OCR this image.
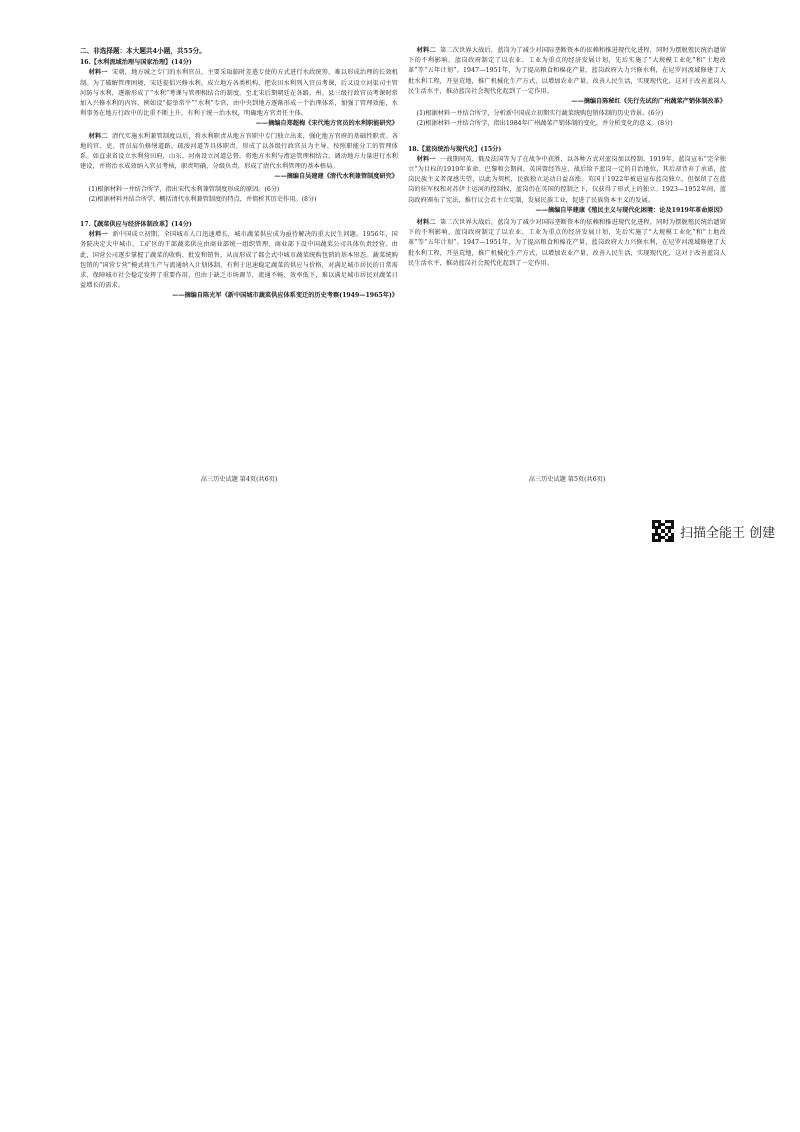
二、非选择题：本大题共4小题，共55分。
16.【水利流域治理与国家治理】(14分)
材料一 宋朝，地方城之专门的水利官员，主要采取临时差遣专使的方式进行水政统筹，难以形成治理的长效机制。为了破解管理困境，宋廷提倡兴修水利，成立地方各类机构，把农田水利列入官员考课，后又设立河渠司主管河防与水利，逐渐形成了“水利”考课与管理相结合的制度。至北宋后期朝廷在各路、州、县三级行政官员考课时常加入兴修水利的内容，例如设“提举常平”“水利”专官，由中央到地方逐渐形成一个治理体系，加强了管理效能，水利事务在地方行政中的比重不断上升，有利于统一治水权，明确地方官责任主体。
——摘编自郑超梅《宋代地方官员的水利职能研究》
材料二 清代实施水利兼管制度以后，将水利职责从地方官职中专门独立出来，强化地方官府的基础性职责。各地的官、吏、胥员肩负修缮道路、疏浚河道等具体职责，形成了以各级行政官员为主导、按照职能分工的管理体系。如直隶省设立水利营田府，山东、河南设立河道总督，将地方水利与漕运管理相结合，调动地方力量进行水利建设，并将治水成效纳入官员考核，职责明确，分级负责，形成了清代水利管理的基本格局。
——摘编自吴建建《清代水利兼管制度研究》
(1)根据材料一并结合所学，指出宋代水利兼管制度形成的原因。(6分)
(2)根据材料并结合所学，概括清代水利兼管制度的特点，并简析其历史作用。(8分)
17.【蔬菜供应与经济体制改革】(14分)
材料一 新中国成立初期，全国城市人口迅速增长，城市蔬菜供应成为亟待解决的重大民生问题。1956年，国务院决定大中城市、工矿区的干部蔬菜供应由商业部统一组织管理，商业部下设中国蔬菜公司具体负责经营。由此，国营公司逐步掌握了蔬菜的收购、批发和销售，从而形成了都会式中城市蔬菜统购包销的基本形态。蔬菜统购包销的“国营专营”模式将生产与流通纳入计划体制，有利于迅速稳定蔬菜的供应与价格，对满足城市居民的日常需求、保障城市社会稳定发挥了重要作用，但由于缺乏市场调节，流通不畅、效率低下，难以满足城市居民对蔬菜日益增长的需求。
——摘编自陈光军《新中国城市蔬菜供应体系变迁的历史考察(1949—1965年)》
材料二 第二次世界大战后，蓝岗为了减少对国际垄断资本的依赖和推进现代化进程，同时为摆脱殖民统治遗留下的不利影响，蓝岗政府制定了以农业、工业为重点的经济发展计划，先后实施了“大规模工业化”和“土地改革”等“五年计划”。1947—1951年，为了提高粮食和棉花产量，蓝岗政府大力兴修水利，在尼罗河流域修建了大批水利工程，开垦荒地，推广机械化生产方式，以增加农业产量，改善人民生活，实现现代化，这对于改善蓝岗人民生活水平，推动蓝岗社会现代化起到了一定作用。
——摘编自陈秘红《先行先试的广州蔬菜产销体制改革》
(1)根据材料一并结合所学，分析新中国成立初期实行蔬菜统购包销体制的历史背景。(6分)
(2)根据材料一并结合所学，指出1984年广州蔬菜产销体制的变化，并分析变化的意义。(8分)
18.【蓝岗统治与现代化】(15分)
材料一 一战期间英、俄及法国等为了在战争中获胜，以各种方式对蓝岗加以控制，1919年，蓝岗宣布“完全独立”为目标的1919年革命。巴黎和会期间，英国曾经答应，战后给予蓝岗一定的自治地位，其后却背弃了承诺，蓝岗民族主义者深感失望，以此为契机，民族独立运动日益高涨。英国于1922年被迫宣布蓝岗独立，但保留了在蓝岗的驻军权和对苏伊士运河的控制权，蓝岗仍在英国的控制之下，仅获得了形式上的独立。1923—1952年间，蓝岗政府颁布了宪法，推行议会君主立宪制，发展民族工业，促进了民族资本主义的发展。
——摘编自毕建康《殖民主义与现代化困境：论及1919年革命原因》
材料二 第二次世界大战后，蓝岗为了减少对国际垄断资本的依赖和推进现代化进程，同时为摆脱殖民统治遗留下的不利影响，蓝岗政府制定了以农业、工业为重点的经济发展计划，先后实施了“大规模工业化”和“土地改革”等“五年计划”。1947—1951年，为了提高粮食和棉花产量，蓝岗政府大力兴修水利，在尼罗河流域修建了大批水利工程，开垦荒地，推广机械化生产方式，以增加农业产量，改善人民生活，实现现代化，这对于改善蓝岗人民生活水平，推动蓝岗社会现代化起到了一定作用。
高三历史试题 第4页(共6页)	高三历史试题 第5页(共6页)
扫描全能王 创建
